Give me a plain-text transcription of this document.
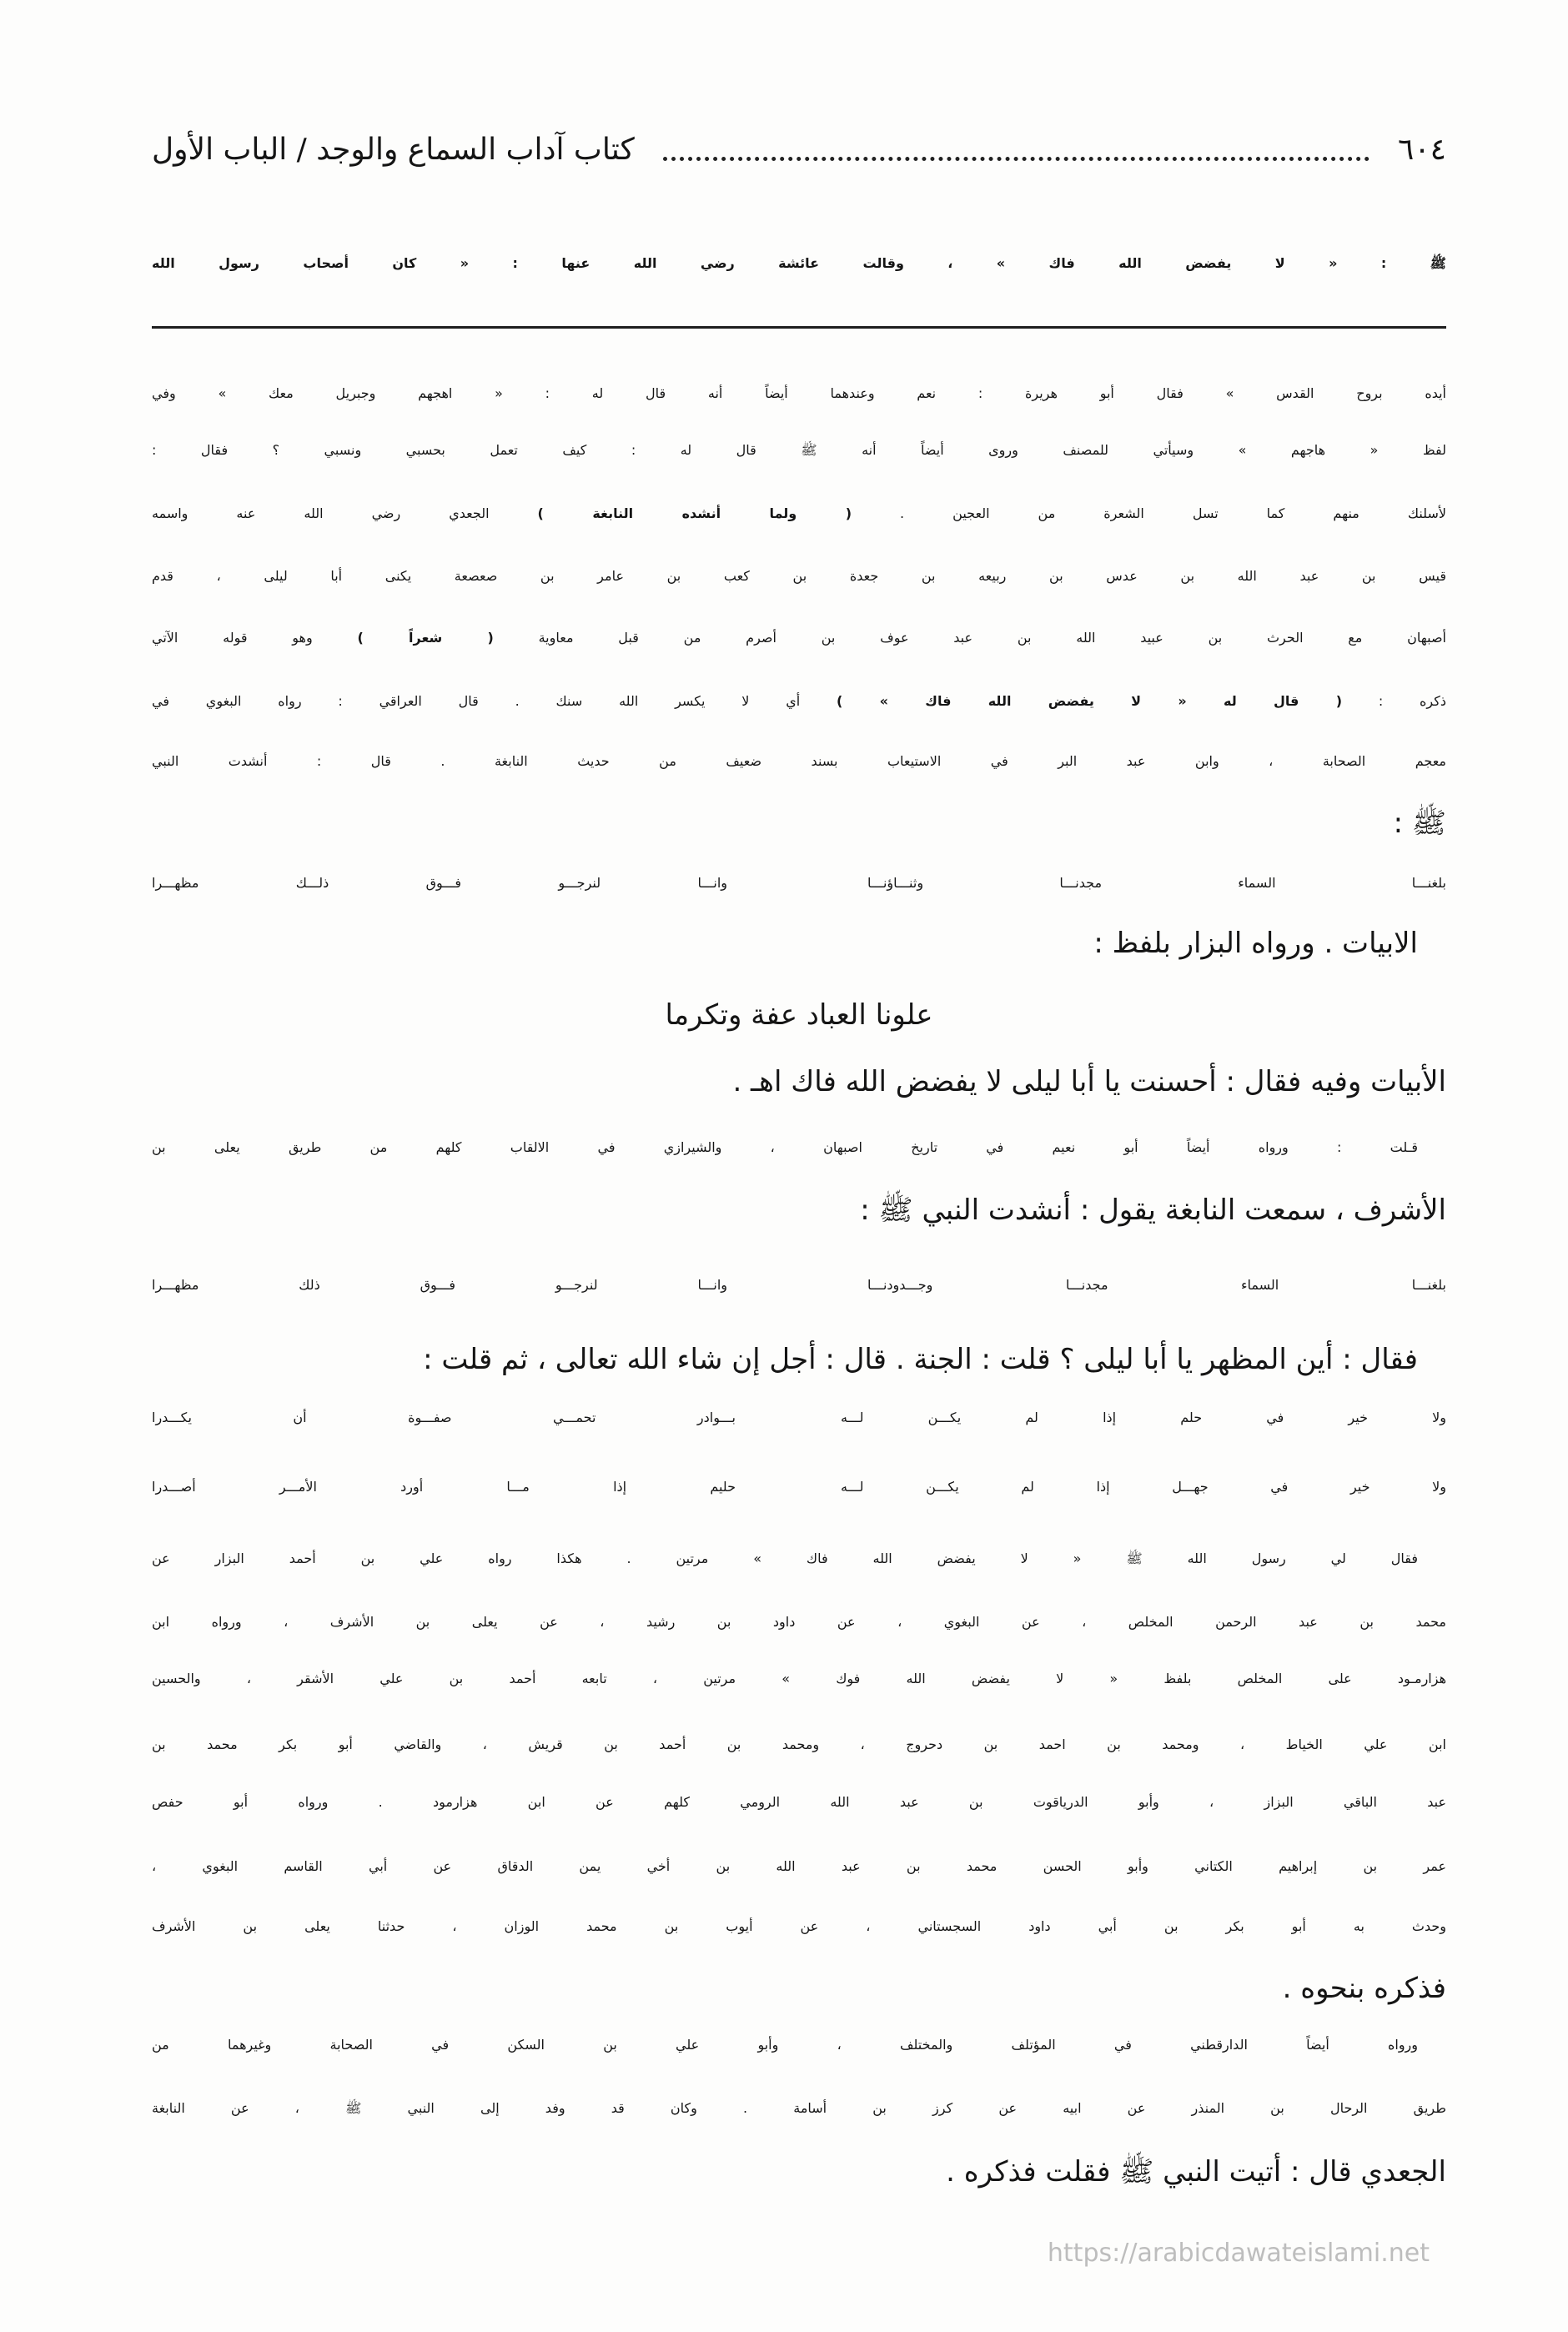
٦٠٤
كتاب آداب السماع والوجد / الباب الأول
ﷺ : « لا يفضض الله فاك » ، وقالت عائشة رضي الله عنها : « كان أصحاب رسول الله
أيده بروح القدس » فقال أبو هريرة : نعم وعندهما أيضاً أنه قال له : « اهجهم وجبريل معك » وفي
لفظ « هاجهم » وسيأتي للمصنف وروى أيضاً أنه ﷺ قال له : كيف تعمل بحسبي ونسبي ؟ فقال :
لأسلنك منهم كما تسل الشعرة من العجين . ( ولما أنشده النابغة ) الجعدي رضي الله عنه واسمه
قيس بن عبد الله بن عدس بن ربيعه بن جعدة بن كعب بن عامر بن صعصعة يكنى أبا ليلى ، قدم
أصبهان مع الحرث بن عبيد الله بن عبد عوف بن أصرم من قبل معاوية ( شعراً ) وهو قوله الآتي
ذكره : ( قال له « لا يفضض الله فاك » ) أي لا يكسر الله سنك . قال العراقي : رواه البغوي في
معجم الصحابة ، وابن عبد البر في الاستيعاب بسند ضعيف من حديث النابغة . قال : أنشدت النبي
ﷺ :
بلغنـــا السماء مجدنـــا وثنـــاؤنـــا
وانـــا لنرجـــو فـــوق ذلـــك مظهـــرا
الابيات . ورواه البزار بلفظ :
علونا العباد عفة وتكرما
الأبيات وفيه فقال : أحسنت يا أبا ليلى لا يفضض الله فاك اهـ .
قـلت : ورواه أيضاً أبو نعيم في تاريخ اصبهان ، والشيرازي في الالقاب كلهم من طريق يعلى بن
الأشرف ، سمعت النابغة يقول : أنشدت النبي ﷺ :
بلغنـــا السماء مجدنـــا وجـــدودنـــا
وانـــا لنرجـــو فـــوق ذلك مظهـــرا
فقال : أين المظهر يا أبا ليلى ؟ قلت : الجنة . قال : أجل إن شاء الله تعالى ، ثم قلت :
ولا خير في حلم إذا لم يكـــن لـــه
بـــوادر تحمـــي صفـــوة أن يكـــدرا
ولا خير في جهـــل إذا لم يكـــن لـــه
حليم إذا مـــا أورد الأمـــر أصـــدرا
فقال لي رسول الله ﷺ « لا يفضض الله فاك » مرتين . هكذا رواه علي بن أحمد البزار عن
محمد بن عبد الرحمن المخلص ، عن البغوي ، عن داود بن رشيد ، عن يعلى بن الأشرف ، ورواه ابن
هزارمـود على المخلص بلفظ « لا يفضض الله فوك » مرتين ، تابعه أحمد بن علي الأشقر ، والحسين
ابن علي الخياط ، ومحمد بن احمد بن دحروج ، ومحمد بن أحمد بن قريش ، والقاضي أبو بكر محمد بن
عبد الباقي البزاز ، وأبو الدرياقوت بن عبد الله الرومي كلهم عن ابن هزارمود . ورواه أبو حفص
عمر بن إبراهيم الكتاني وأبو الحسن محمد بن عبد الله بن أخي يمن الدقاق عن أبي القاسم البغوي ،
وحدث به أبو بكر بن أبي داود السجستاني ، عن أيوب بن محمد الوزان ، حدثنا يعلى بن الأشرف
فذكره بنحوه .
ورواه أيضاً الدارقطني في المؤتلف والمختلف ، وأبو علي بن السكن في الصحابة وغيرهما من
طريق الرحال بن المنذر عن ابيه عن كرز بن أسامة . وكان قد وفد إلى النبي ﷺ ، عن النابغة
الجعدي قال : أتيت النبي ﷺ فقلت فذكره .
https://arabicdawateislami.net
